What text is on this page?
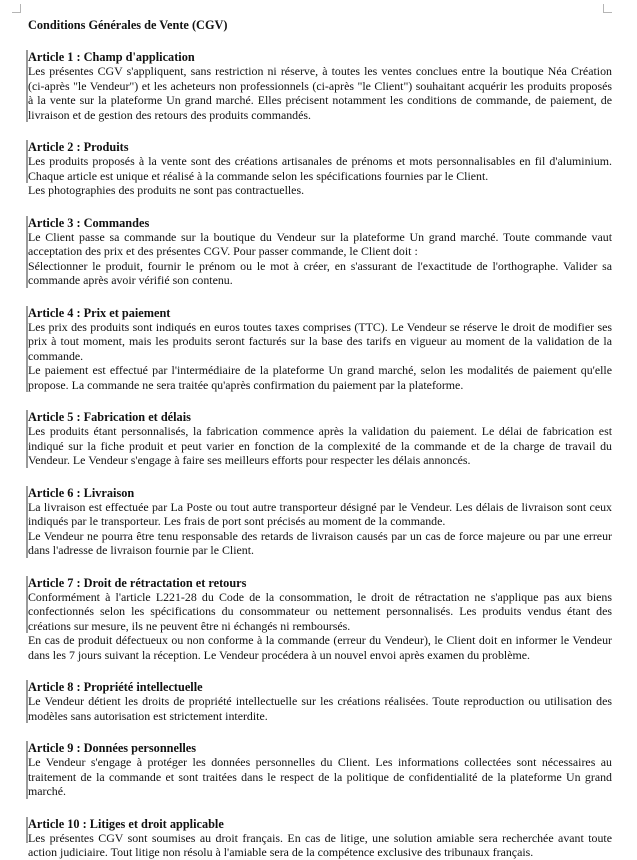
Conditions Générales de Vente (CGV)

Article 1 : Champ d'application

Les présentes CGV s'appliquent, sans restriction ni réserve, à toutes les ventes conclues entre la boutique Néa Création (ci-après "le Vendeur") et les acheteurs non professionnels (ci-après "le Client") souhaitant acquérir les produits proposés à la vente sur la plateforme Un grand marché. Elles précisent notamment les conditions de commande, de paiement, de livraison et de gestion des retours des produits commandés.

Article 2 : Produits

Les produits proposés à la vente sont des créations artisanales de prénoms et mots personnalisables en fil d'aluminium. Chaque article est unique et réalisé à la commande selon les spécifications fournies par le Client.

Les photographies des produits ne sont pas contractuelles.

Article 3 : Commandes

Le Client passe sa commande sur la boutique du Vendeur sur la plateforme Un grand marché. Toute commande vaut acceptation des prix et des présentes CGV. Pour passer commande, le Client doit :

Sélectionner le produit, fournir le prénom ou le mot à créer, en s'assurant de l'exactitude de l'orthographe. Valider sa commande après avoir vérifié son contenu.

Article 4 : Prix et paiement

Les prix des produits sont indiqués en euros toutes taxes comprises (TTC). Le Vendeur se réserve le droit de modifier ses prix à tout moment, mais les produits seront facturés sur la base des tarifs en vigueur au moment de la validation de la commande.

Le paiement est effectué par l'intermédiaire de la plateforme Un grand marché, selon les modalités de paiement qu'elle propose. La commande ne sera traitée qu'après confirmation du paiement par la plateforme.

Article 5 : Fabrication et délais

Les produits étant personnalisés, la fabrication commence après la validation du paiement. Le délai de fabrication est indiqué sur la fiche produit et peut varier en fonction de la complexité de la commande et de la charge de travail du Vendeur. Le Vendeur s'engage à faire ses meilleurs efforts pour respecter les délais annoncés.

Article 6 : Livraison

La livraison est effectuée par La Poste ou tout autre transporteur désigné par le Vendeur. Les délais de livraison sont ceux indiqués par le transporteur. Les frais de port sont précisés au moment de la commande.

Le Vendeur ne pourra être tenu responsable des retards de livraison causés par un cas de force majeure ou par une erreur dans l'adresse de livraison fournie par le Client.

Article 7 : Droit de rétractation et retours

Conformément à l'article L221-28 du Code de la consommation, le droit de rétractation ne s'applique pas aux biens confectionnés selon les spécifications du consommateur ou nettement personnalisés. Les produits vendus étant des créations sur mesure, ils ne peuvent être ni échangés ni remboursés.

En cas de produit défectueux ou non conforme à la commande (erreur du Vendeur), le Client doit en informer le Vendeur dans les 7 jours suivant la réception. Le Vendeur procédera à un nouvel envoi après examen du problème.

Article 8 : Propriété intellectuelle

Le Vendeur détient les droits de propriété intellectuelle sur les créations réalisées. Toute reproduction ou utilisation des modèles sans autorisation est strictement interdite.

Article 9 : Données personnelles

Le Vendeur s'engage à protéger les données personnelles du Client. Les informations collectées sont nécessaires au traitement de la commande et sont traitées dans le respect de la politique de confidentialité de la plateforme Un grand marché.

Article 10 : Litiges et droit applicable

Les présentes CGV sont soumises au droit français. En cas de litige, une solution amiable sera recherchée avant toute action judiciaire. Tout litige non résolu à l'amiable sera de la compétence exclusive des tribunaux français.
